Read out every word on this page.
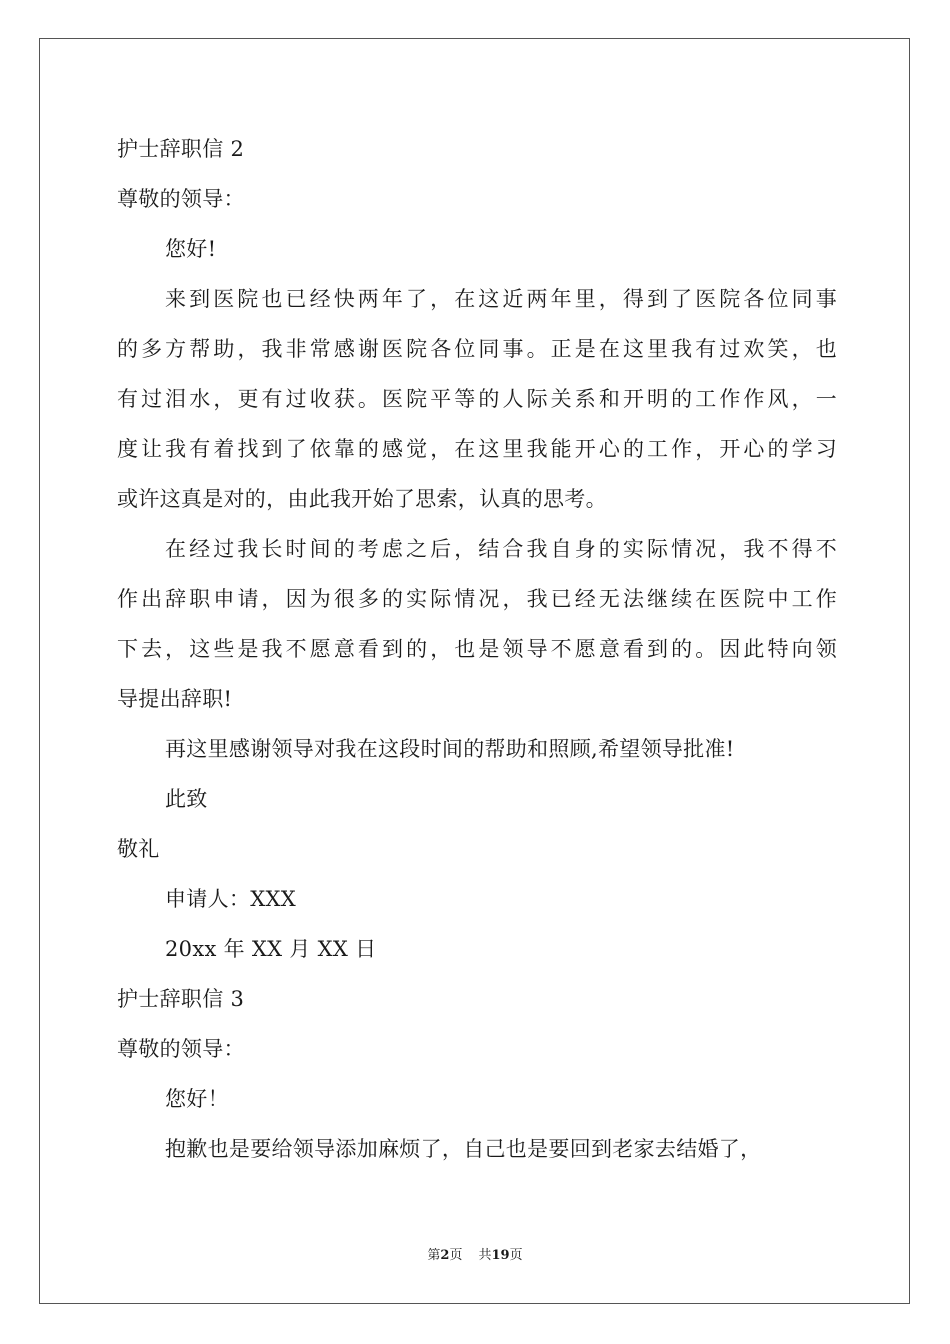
护士辞职信 2
尊敬的领导：
您好!
来到医院也已经快两年了，在这近两年里，得到了医院各位同事
的多方帮助，我非常感谢医院各位同事。正是在这里我有过欢笑，也
有过泪水，更有过收获。医院平等的人际关系和开明的工作作风，一
度让我有着找到了依靠的感觉，在这里我能开心的工作，开心的学习
或许这真是对的，由此我开始了思索，认真的思考。
在经过我长时间的考虑之后，结合我自身的实际情况，我不得不
作出辞职申请，因为很多的实际情况，我已经无法继续在医院中工作
下去，这些是我不愿意看到的，也是领导不愿意看到的。因此特向领
导提出辞职!
再这里感谢领导对我在这段时间的帮助和照顾,希望领导批准!
此致
敬礼
申请人：XXX
20xx 年 XX 月 XX 日
护士辞职信 3
尊敬的领导：
您好！
抱歉也是要给领导添加麻烦了，自己也是要回到老家去结婚了，
第2页 共19页
